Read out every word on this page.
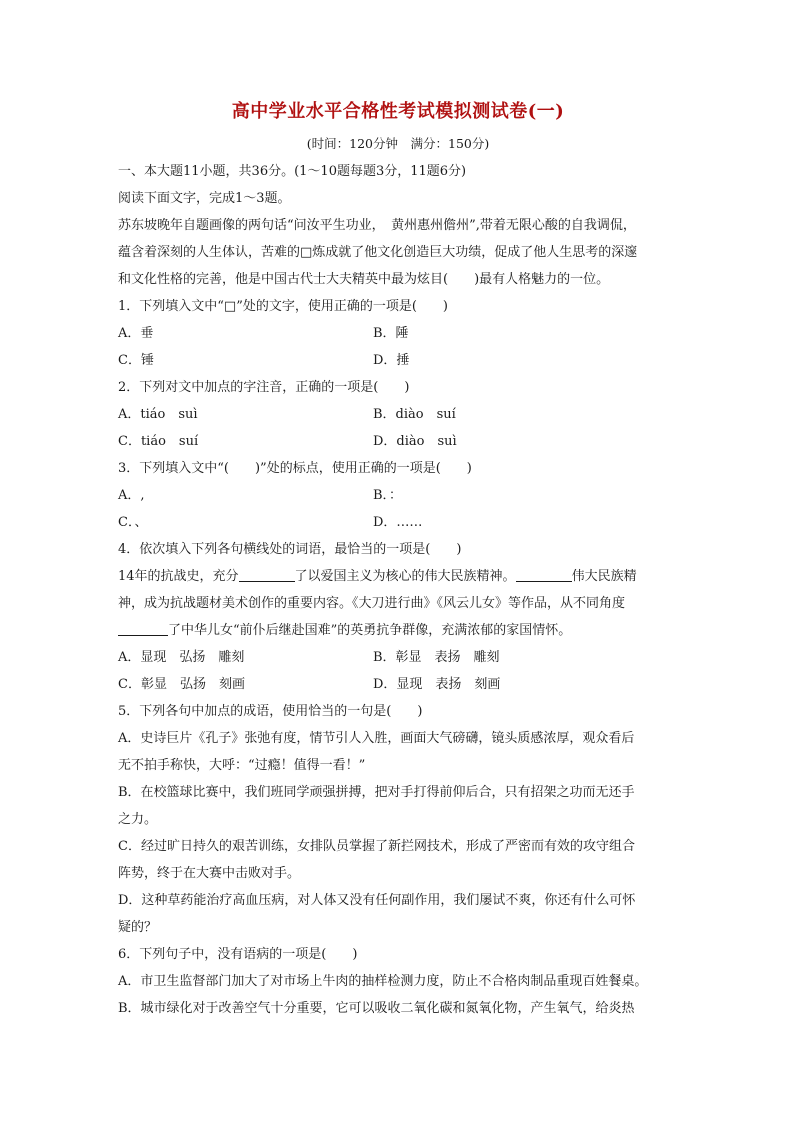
高中学业水平合格性考试模拟测试卷(一)
(时间：120分钟　满分：150分)
一、本大题11小题，共36分。(1～10题每题3分，11题6分)
阅读下面文字，完成1～3题。
苏东坡晚年自题画像的两句话“问汝平生功业，　黄州惠州儋州”,带着无限心酸的自我调侃，
蕴含着深刻的人生体认，苦难的□炼成就了他文化创造巨大功绩，促成了他人生思考的深邃
和文化性格的完善，他是中国古代士大夫精英中最为炫目(　　)最有人格魅力的一位。
1．下列填入文中“□”处的文字，使用正确的一项是(　　)
A．垂	B．陲
C．锤	D．捶
2．下列对文中加点的字注音，正确的一项是(　　)
A．tiáo　suì	B．diào　suí
C．tiáo　suí	D．diào　suì
3．下列填入文中“(　　)”处的标点，使用正确的一项是(　　)
A．,	B．：
C．、	D．……
4．依次填入下列各句横线处的词语，最恰当的一项是(　　)
14年的抗战史，充分	了以爱国主义为核心的伟大民族精神。	伟大民族精
神，成为抗战题材美术创作的重要内容。《大刀进行曲》《风云儿女》等作品，从不同角度
了中华儿女“前仆后继赴国难”的英勇抗争群像，充满浓郁的家国情怀。
A．显现　弘扬　雕刻	B．彰显　表扬　雕刻
C．彰显　弘扬　刻画	D．显现　表扬　刻画
5．下列各句中加点的成语，使用恰当的一句是(　　)
A．史诗巨片《孔子》张弛有度，情节引人入胜，画面大气磅礴，镜头质感浓厚，观众看后
无不拍手称快，大呼：“过瘾！值得一看！”
B．在校篮球比赛中，我们班同学顽强拼搏，把对手打得前仰后合，只有招架之功而无还手
之力。
C．经过旷日持久的艰苦训练，女排队员掌握了新拦网技术，形成了严密而有效的攻守组合
阵势，终于在大赛中击败对手。
D．这种草药能治疗高血压病，对人体又没有任何副作用，我们屡试不爽，你还有什么可怀
疑的？
6．下列句子中，没有语病的一项是(　　)
A．市卫生监督部门加大了对市场上牛肉的抽样检测力度，防止不合格肉制品重现百姓餐桌。
B．城市绿化对于改善空气十分重要，它可以吸收二氧化碳和氮氧化物，产生氧气，给炎热
